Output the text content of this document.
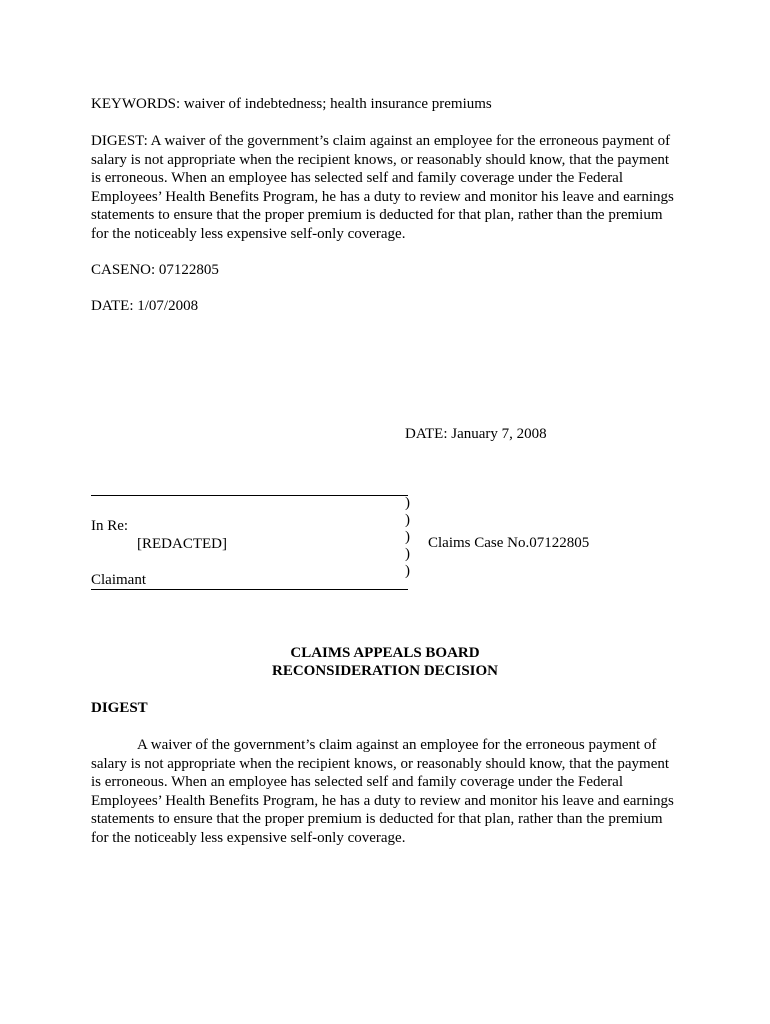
KEYWORDS: waiver of indebtedness; health insurance premiums
DIGEST: A waiver of the government’s claim against an employee for the erroneous payment of
salary is not appropriate when the recipient knows, or reasonably should know, that the payment
is erroneous. When an employee has selected self and family coverage under the Federal
Employees’ Health Benefits Program, he has a duty to review and monitor his leave and earnings
statements to ensure that the proper premium is deducted for that plan, rather than the premium
for the noticeably less expensive self-only coverage.
CASENO: 07122805
DATE: 1/07/2008
DATE: January 7, 2008
In Re:
[REDACTED]
Claimant
)
)
)
)
)
Claims Case No.07122805
CLAIMS APPEALS BOARD
RECONSIDERATION DECISION
DIGEST
A waiver of the government’s claim against an employee for the erroneous payment of
salary is not appropriate when the recipient knows, or reasonably should know, that the payment
is erroneous. When an employee has selected self and family coverage under the Federal
Employees’ Health Benefits Program, he has a duty to review and monitor his leave and earnings
statements to ensure that the proper premium is deducted for that plan, rather than the premium
for the noticeably less expensive self-only coverage.
